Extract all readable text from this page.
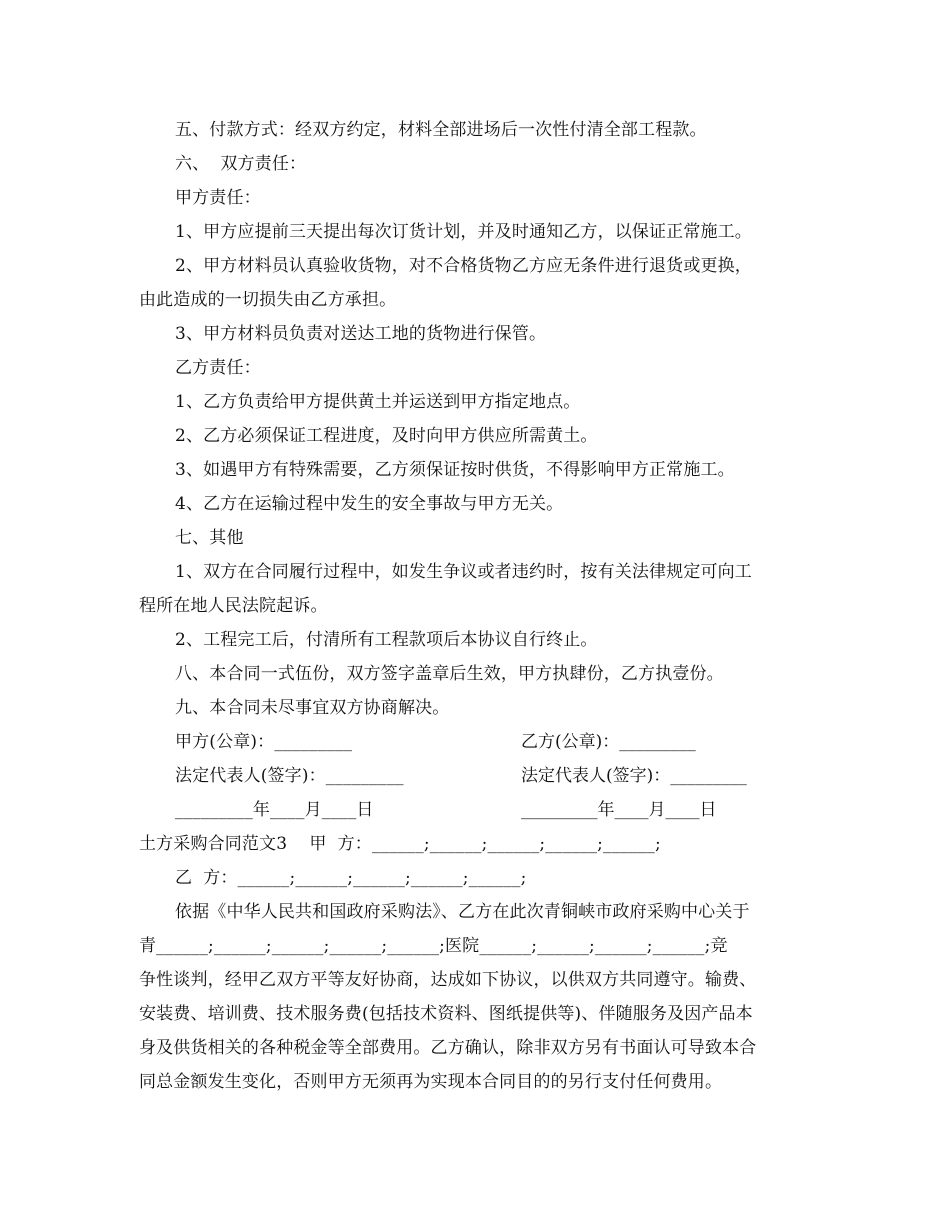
五、付款方式：经双方约定，材料全部进场后一次性付清全部工程款。
六、  双方责任：
甲方责任：
1、甲方应提前三天提出每次订货计划，并及时通知乙方，以保证正常施工。
2、甲方材料员认真验收货物，对不合格货物乙方应无条件进行退货或更换，
由此造成的一切损失由乙方承担。
3、甲方材料员负责对送达工地的货物进行保管。
乙方责任：
1、乙方负责给甲方提供黄土并运送到甲方指定地点。
2、乙方必须保证工程进度，及时向甲方供应所需黄土。
3、如遇甲方有特殊需要，乙方须保证按时供货，不得影响甲方正常施工。
4、乙方在运输过程中发生的安全事故与甲方无关。
七、其他
1、双方在合同履行过程中，如发生争议或者违约时，按有关法律规定可向工
程所在地人民法院起诉。
2、工程完工后，付清所有工程款项后本协议自行终止。
八、本合同一式伍份，双方签字盖章后生效，甲方执肆份，乙方执壹份。
九、本合同未尽事宜双方协商解决。
甲方(公章)：_________	乙方(公章)：_________
法定代表人(签字)：_________	法定代表人(签字)：_________
_________年____月____日	_________年____月____日
土方采购合同范文3    甲  方：______;______;______;______;______;
乙  方：______;______;______;______;______;
依据《中华人民共和国政府采购法》、乙方在此次青铜峡市政府采购中心关于
青______;______;______;______;______;医院______;______;______;______;竞
争性谈判，经甲乙双方平等友好协商，达成如下协议，以供双方共同遵守。输费、
安装费、培训费、技术服务费(包括技术资料、图纸提供等)、伴随服务及因产品本
身及供货相关的各种税金等全部费用。乙方确认，除非双方另有书面认可导致本合
同总金额发生变化，否则甲方无须再为实现本合同目的的另行支付任何费用。
